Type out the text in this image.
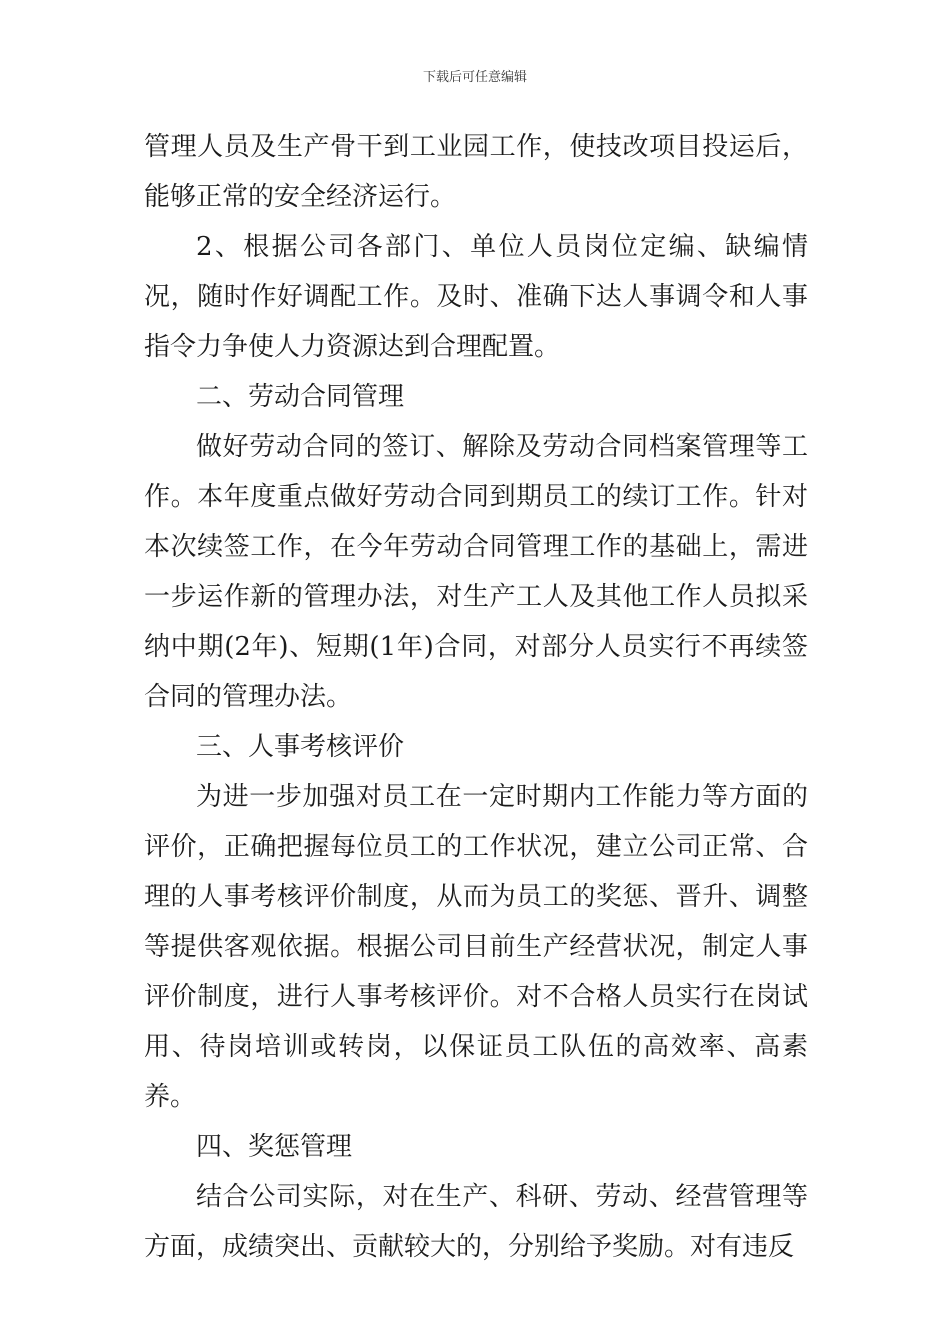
下载后可任意编辑

管理人员及生产骨干到工业园工作，使技改项目投运后，能够正常的安全经济运行。

2、根据公司各部门、单位人员岗位定编、缺编情况，随时作好调配工作。及时、准确下达人事调令和人事指令力争使人力资源达到合理配置。

二、劳动合同管理

做好劳动合同的签订、解除及劳动合同档案管理等工作。本年度重点做好劳动合同到期员工的续订工作。针对本次续签工作，在今年劳动合同管理工作的基础上，需进一步运作新的管理办法，对生产工人及其他工作人员拟采纳中期(2年)、短期(1年)合同，对部分人员实行不再续签合同的管理办法。

三、人事考核评价

为进一步加强对员工在一定时期内工作能力等方面的评价，正确把握每位员工的工作状况，建立公司正常、合理的人事考核评价制度，从而为员工的奖惩、晋升、调整等提供客观依据。根据公司目前生产经营状况，制定人事评价制度，进行人事考核评价。对不合格人员实行在岗试用、待岗培训或转岗，以保证员工队伍的高效率、高素养。

四、奖惩管理

结合公司实际，对在生产、科研、劳动、经营管理等方面，成绩突出、贡献较大的，分别给予奖励。对有违反
